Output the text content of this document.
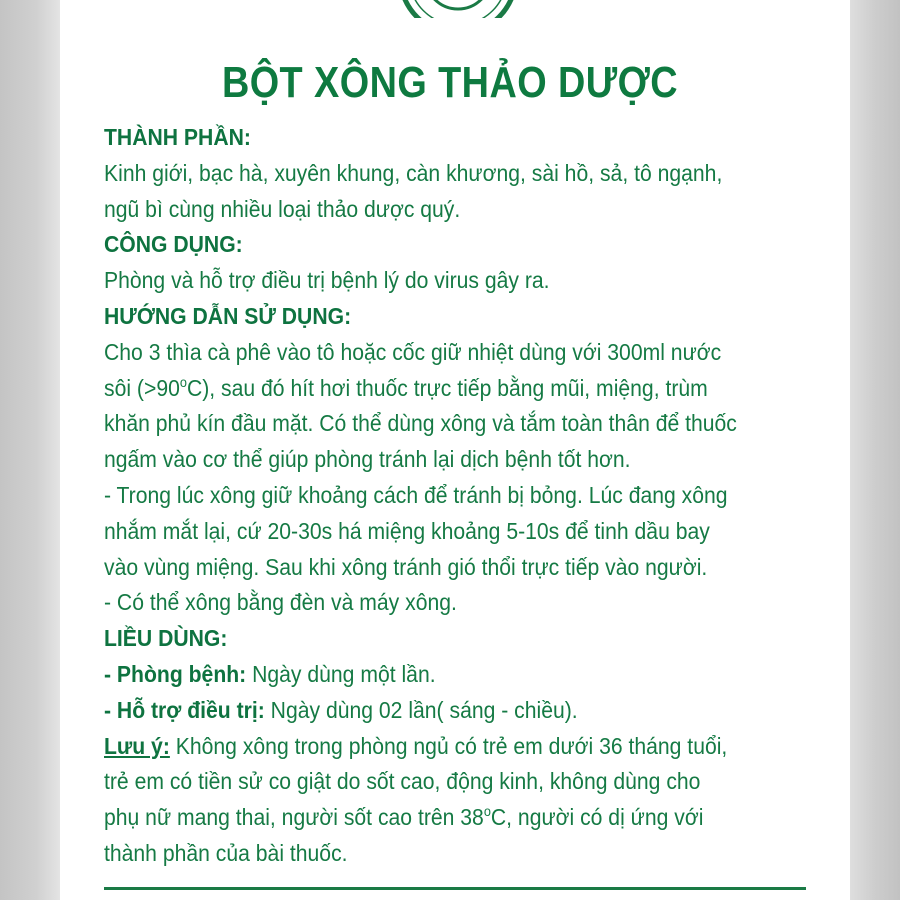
BỘT XÔNG THẢO DƯỢC

THÀNH PHẦN:

Kinh giới, bạc hà, xuyên khung, càn khương, sài hồ, sả, tô ngạnh,

ngũ bì cùng nhiều loại thảo dược quý.

CÔNG DỤNG:

Phòng và hỗ trợ điều trị bệnh lý do virus gây ra.

HƯỚNG DẪN SỬ DỤNG:

Cho 3 thìa cà phê vào tô hoặc cốc giữ nhiệt dùng với 300ml nước

sôi $(>90^oC)$, sau đó hít hơi thuốc trực tiếp bằng mũi, miệng, trùm

khăn phủ kín đầu mặt. Có thể dùng xông và tắm toàn thân để thuốc

ngấm vào cơ thể giúp phòng tránh lại dịch bệnh tốt hơn.

- Trong lúc xông giữ khoảng cách để tránh bị bỏng. Lúc đang xông

nhắm mắt lại, cứ 20-30s há miệng khoảng 5-10s để tinh dầu bay

vào vùng miệng. Sau khi xông tránh gió thổi trực tiếp vào người.

- Có thể xông bằng đèn và máy xông.

LIỀU DÙNG:

- Phòng bệnh: Ngày dùng một lần.

- Hỗ trợ điều trị: Ngày dùng 02 lần( sáng - chiều).

Lưu ý: Không xông trong phòng ngủ có trẻ em dưới 36 tháng tuổi,

trẻ em có tiền sử co giật do sốt cao, động kinh, không dùng cho

phụ nữ mang thai, người sốt cao trên 38$^o$C, người có dị ứng với

thành phần của bài thuốc.
